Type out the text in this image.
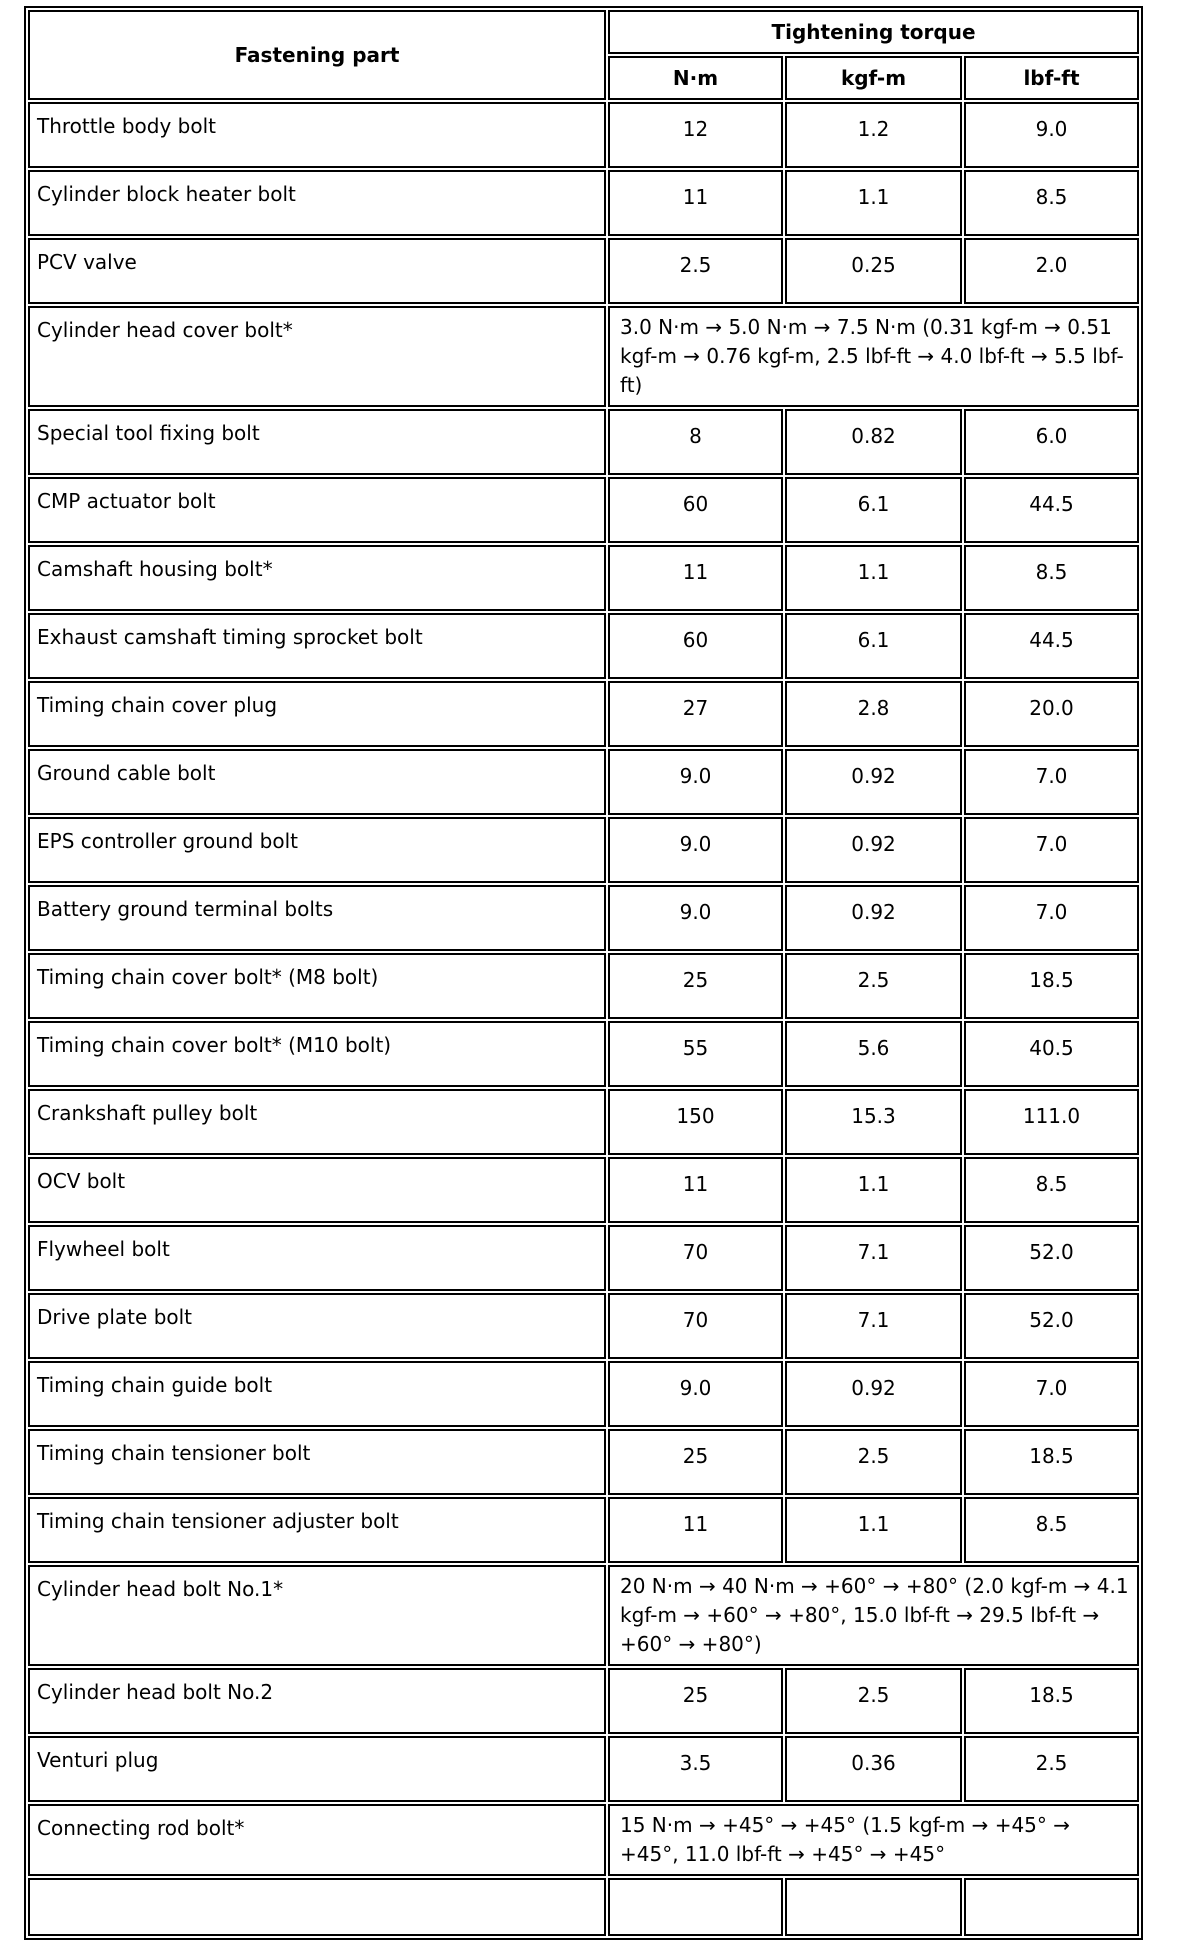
Fastening part	Tightening torque		
	N·m	kgf-m	lbf-ft
Throttle body bolt	12	1.2	9.0
Cylinder block heater bolt	11	1.1	8.5
PCV valve	2.5	0.25	2.0
Cylinder head cover bolt*	3.0 N·m → 5.0 N·m → 7.5 N·m (0.31 kgf-m → 0.51 kgf-m → 0.76 kgf-m, 2.5 lbf-ft → 4.0 lbf-ft → 5.5 lbf-ft)		
Special tool fixing bolt	8	0.82	6.0
CMP actuator bolt	60	6.1	44.5
Camshaft housing bolt*	11	1.1	8.5
Exhaust camshaft timing sprocket bolt	60	6.1	44.5
Timing chain cover plug	27	2.8	20.0
Ground cable bolt	9.0	0.92	7.0
EPS controller ground bolt	9.0	0.92	7.0
Battery ground terminal bolts	9.0	0.92	7.0
Timing chain cover bolt* (M8 bolt)	25	2.5	18.5
Timing chain cover bolt* (M10 bolt)	55	5.6	40.5
Crankshaft pulley bolt	150	15.3	111.0
OCV bolt	11	1.1	8.5
Flywheel bolt	70	7.1	52.0
Drive plate bolt	70	7.1	52.0
Timing chain guide bolt	9.0	0.92	7.0
Timing chain tensioner bolt	25	2.5	18.5
Timing chain tensioner adjuster bolt	11	1.1	8.5
Cylinder head bolt No.1*	20 N·m → 40 N·m → +60° → +80° (2.0 kgf-m → 4.1 kgf-m → +60° → +80°, 15.0 lbf-ft → 29.5 lbf-ft → +60° → +80°)		
Cylinder head bolt No.2	25	2.5	18.5
Venturi plug	3.5	0.36	2.5
Connecting rod bolt*	15 N·m → +45° → +45° (1.5 kgf-m → +45° → +45°, 11.0 lbf-ft → +45° → +45°		
